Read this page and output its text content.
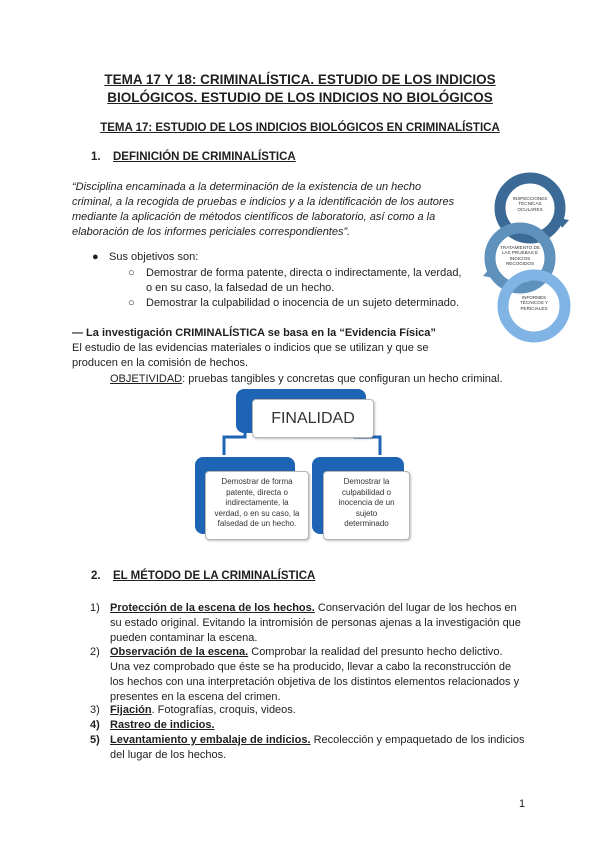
TEMA 17 Y 18: CRIMINALÍSTICA. ESTUDIO DE LOS INDICIOS
BIOLÓGICOS. ESTUDIO DE LOS INDICIOS NO BIOLÓGICOS
TEMA 17: ESTUDIO DE LOS INDICIOS BIOLÓGICOS EN CRIMINALÍSTICA
1. DEFINICIÓN DE CRIMINALÍSTICA
“Disciplina encaminada a la determinación de la existencia de un hecho
criminal, a la recogida de pruebas e indicios y a la identificación de los autores
mediante la aplicación de métodos científicos de laboratorio, así como a la
elaboración de los informes periciales correspondientes”.
● Sus objetivos son:
○ Demostrar de forma patente, directa o indirectamente, la verdad,
o en su caso, la falsedad de un hecho.
○ Demostrar la culpabilidad o inocencia de un sujeto determinado.
INSPECCIONES
TÉCNICAS
OCULARES
TRATAMIENTO DE
LAS PRUEBAS E
INDICIOS
RECOGIDOS
INFORMES
TÉCNICOS Y
PERICIALES
— La investigación CRIMINALÍSTICA se basa en la “Evidencia Física”
El estudio de las evidencias materiales o indicios que se utilizan y que se
producen en la comisión de hechos.
OBJETIVIDAD: pruebas tangibles y concretas que configuran un hecho criminal.
FINALIDAD
Demostrar de forma
patente, directa o
indirectamente, la
verdad, o en su caso, la
falsedad de un hecho.
Demostrar la
culpabilidad o
inocencia de un
sujeto
determinado
2. EL MÉTODO DE LA CRIMINALÍSTICA
1) Protección de la escena de los hechos. Conservación del lugar de los hechos en
su estado original. Evitando la intromisión de personas ajenas a la investigación que
pueden contaminar la escena.
2) Observación de la escena. Comprobar la realidad del presunto hecho delictivo.
Una vez comprobado que éste se ha producido, llevar a cabo la reconstrucción de
los hechos con una interpretación objetiva de los distintos elementos relacionados y
presentes en la escena del crimen.
3) Fijación. Fotografías, croquis, videos.
4) Rastreo de indicios.
5) Levantamiento y embalaje de indicios. Recolección y empaquetado de los indicios
del lugar de los hechos.
1
